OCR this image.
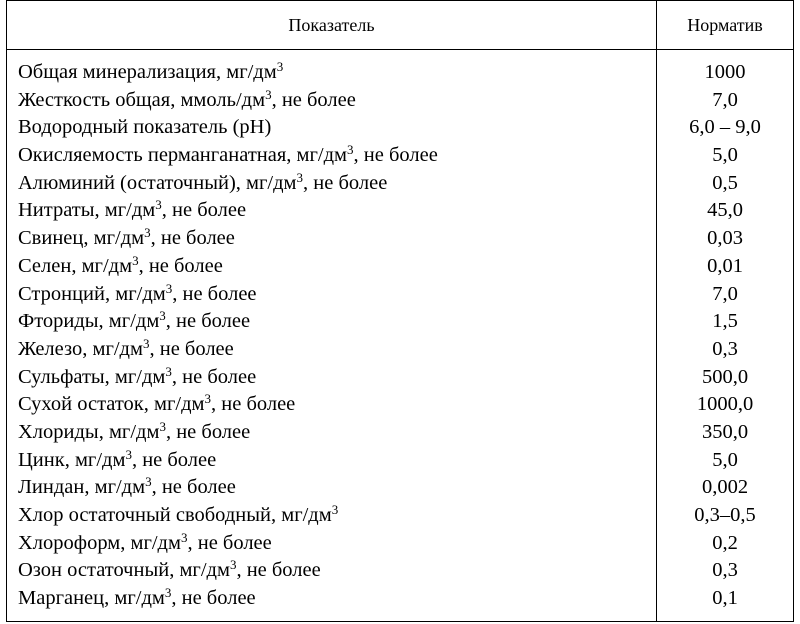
Показатель	Норматив
Общая минерализация, $мг/дм^3$	1000
Жесткость общая, ммоль/$дм^3$, не более	7,0
Водородный показатель (pH)	6,0 – 9,0
Окисляемость перманганатная, $мг/дм^3$, не более	5,0
Алюминий (остаточный), $мг/дм^3$, не более	0,5
Нитраты, $мг/дм^3$, не более	45,0
Свинец, $мг/дм^3$, не более	0,03
Селен, $мг/дм^3$, не более	0,01
Стронций, $мг/дм^3$, не более	7,0
Фториды, $мг/дм^3$, не более	1,5
Железо, $мг/дм^3$, не более	0,3
Сульфаты, $мг/дм^3$, не более	500,0
Сухой остаток, $мг/дм^3$, не более	1000,0
Хлориды, $мг/дм^3$, не более	350,0
Цинк, $мг/дм^3$, не более	5,0
Линдан, $мг/дм^3$, не более	0,002
Хлор остаточный свободный, $мг/дм^3$	0,3–0,5
Хлороформ, $мг/дм^3$, не более	0,2
Озон остаточный, $мг/дм^3$, не более	0,3
Марганец, $мг/дм^3$, не более	0,1
